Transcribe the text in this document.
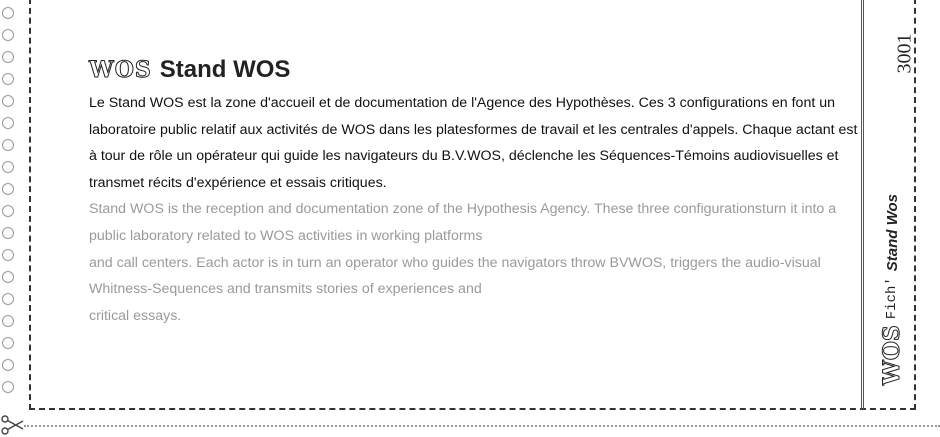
WOS Stand WOS

Le Stand WOS est la zone d'accueil et de documentation de l'Agence des Hypothèses. Ces 3 configurations en font un laboratoire public relatif aux activités de WOS dans les platesformes de travail et les centrales d'appels. Chaque actant est à tour de rôle un opérateur qui guide les navigateurs du B.V.WOS, déclenche les Séquences-Témoins audiovisuelles et transmet récits d'expérience et essais critiques.

Stand WOS is the reception and documentation zone of the Hypothesis Agency. These three configurationsturn it into a public laboratory related to WOS activities in working platforms

and call centers. Each actor is in turn an operator who guides the navigators throw BVWOS, triggers the audio-visual Whitness-Sequences and transmits stories of experiences and

critical essays.

3001
WOS
Fich'
Stand Wos
